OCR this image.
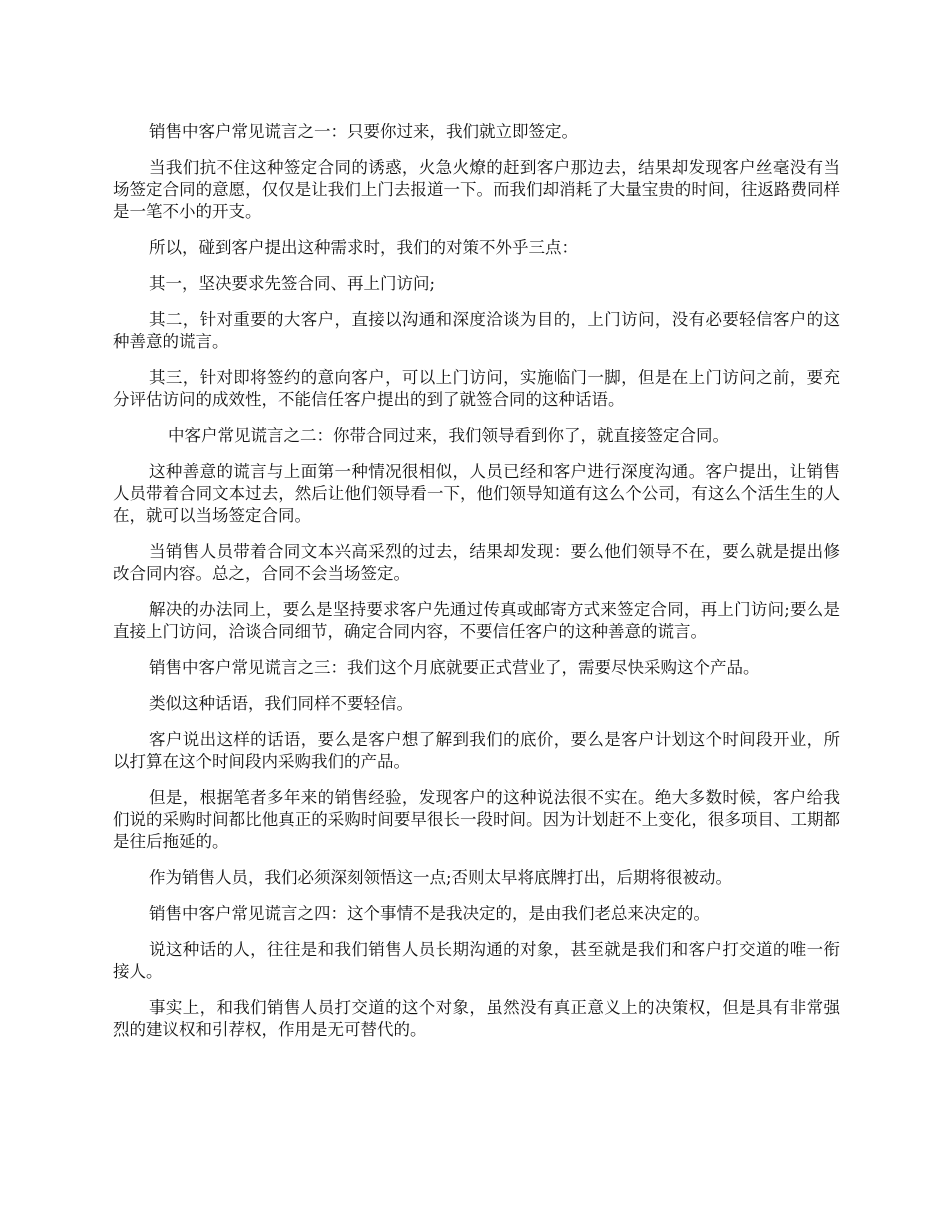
销售中客户常见谎言之一：只要你过来，我们就立即签定。

当我们抗不住这种签定合同的诱惑，火急火燎的赶到客户那边去，结果却发现客户丝毫没有当场签定合同的意愿，仅仅是让我们上门去报道一下。而我们却消耗了大量宝贵的时间，往返路费同样是一笔不小的开支。

所以，碰到客户提出这种需求时，我们的对策不外乎三点：

其一，坚决要求先签合同、再上门访问;

其二，针对重要的大客户，直接以沟通和深度洽谈为目的，上门访问，没有必要轻信客户的这种善意的谎言。

其三，针对即将签约的意向客户，可以上门访问，实施临门一脚，但是在上门访问之前，要充分评估访问的成效性，不能信任客户提出的到了就签合同的这种话语。

中客户常见谎言之二：你带合同过来，我们领导看到你了，就直接签定合同。

这种善意的谎言与上面第一种情况很相似，人员已经和客户进行深度沟通。客户提出，让销售人员带着合同文本过去，然后让他们领导看一下，他们领导知道有这么个公司，有这么个活生生的人在，就可以当场签定合同。

当销售人员带着合同文本兴高采烈的过去，结果却发现：要么他们领导不在，要么就是提出修改合同内容。总之，合同不会当场签定。

解决的办法同上，要么是坚持要求客户先通过传真或邮寄方式来签定合同，再上门访问;要么是直接上门访问，洽谈合同细节，确定合同内容，不要信任客户的这种善意的谎言。

销售中客户常见谎言之三：我们这个月底就要正式营业了，需要尽快采购这个产品。

类似这种话语，我们同样不要轻信。

客户说出这样的话语，要么是客户想了解到我们的底价，要么是客户计划这个时间段开业，所以打算在这个时间段内采购我们的产品。

但是，根据笔者多年来的销售经验，发现客户的这种说法很不实在。绝大多数时候，客户给我们说的采购时间都比他真正的采购时间要早很长一段时间。因为计划赶不上变化，很多项目、工期都是往后拖延的。

作为销售人员，我们必须深刻领悟这一点;否则太早将底牌打出，后期将很被动。

销售中客户常见谎言之四：这个事情不是我决定的，是由我们老总来决定的。

说这种话的人，往往是和我们销售人员长期沟通的对象，甚至就是我们和客户打交道的唯一衔接人。

事实上，和我们销售人员打交道的这个对象，虽然没有真正意义上的决策权，但是具有非常强烈的建议权和引荐权，作用是无可替代的。
